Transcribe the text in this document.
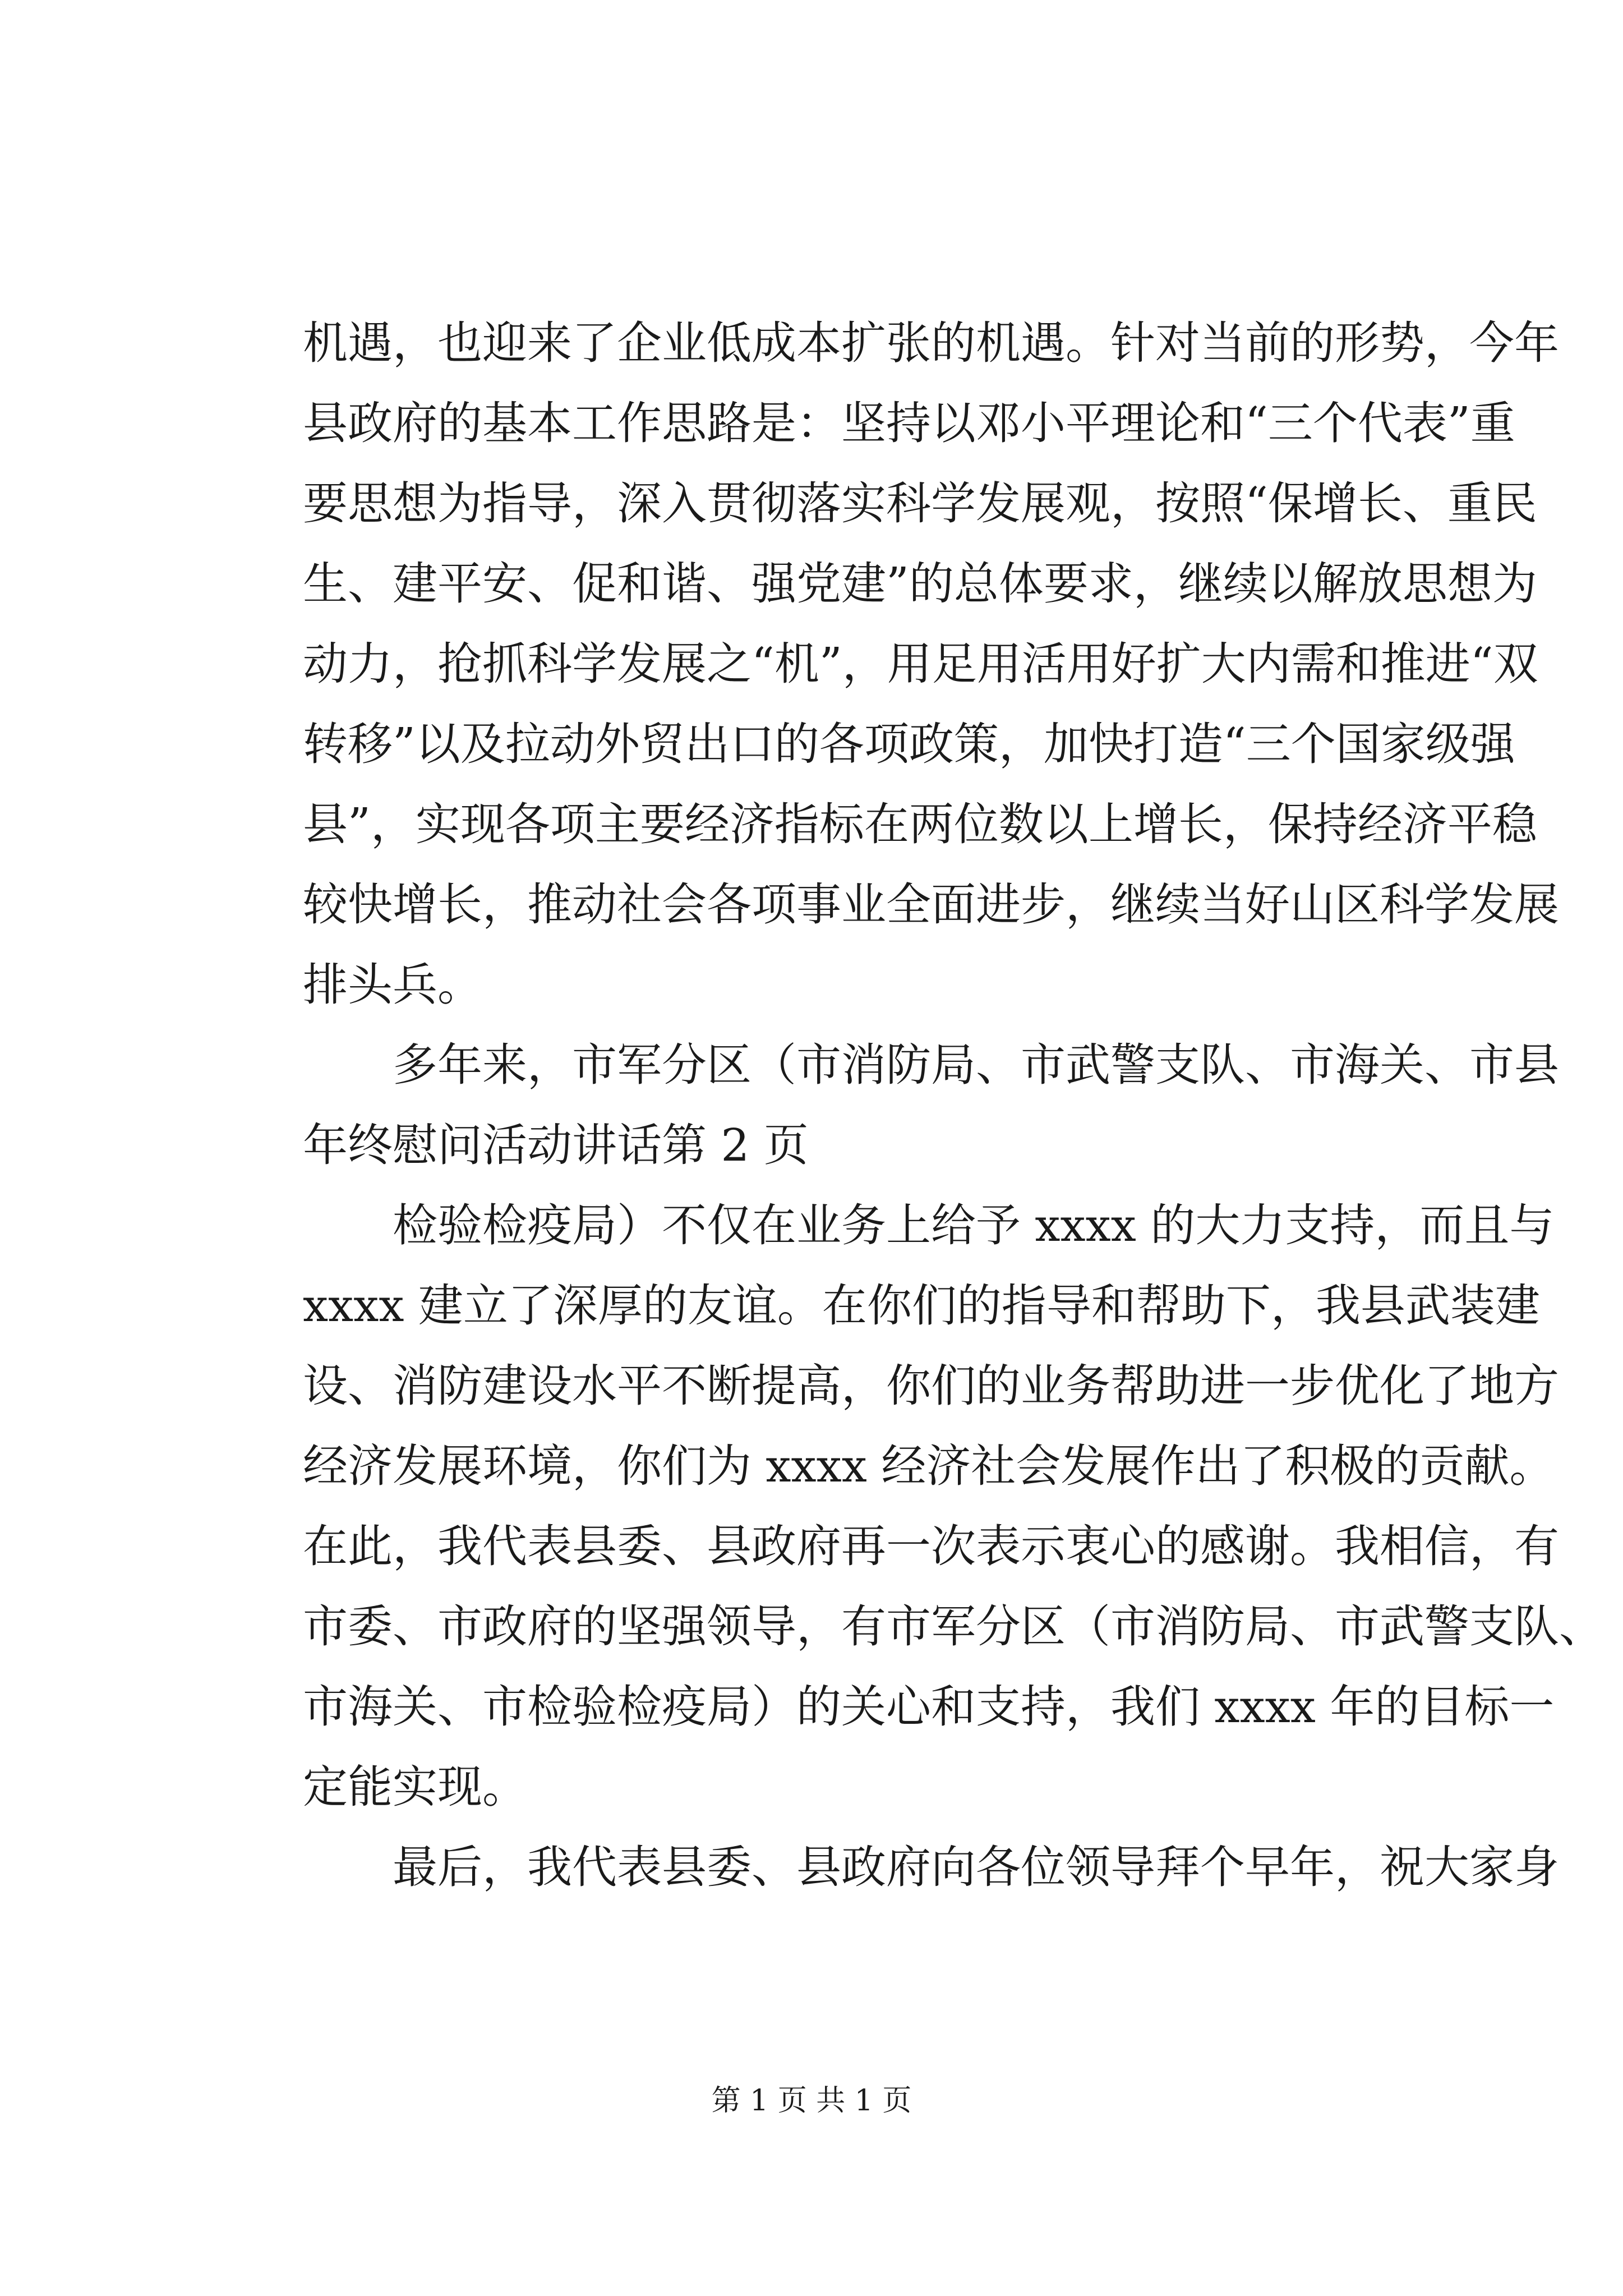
机遇，也迎来了企业低成本扩张的机遇。针对当前的形势，今年
县政府的基本工作思路是：坚持以邓小平理论和“三个代表”重
要思想为指导，深入贯彻落实科学发展观，按照“保增长、重民
生、建平安、促和谐、强党建”的总体要求，继续以解放思想为
动力，抢抓科学发展之“机”，用足用活用好扩大内需和推进“双
转移”以及拉动外贸出口的各项政策，加快打造“三个国家级强
县”，实现各项主要经济指标在两位数以上增长，保持经济平稳
较快增长，推动社会各项事业全面进步，继续当好山区科学发展
排头兵。
多年来，市军分区（市消防局、市武警支队、市海关、市县
年终慰问活动讲话第 2 页
检验检疫局）不仅在业务上给予 xxxx 的大力支持，而且与
xxxx 建立了深厚的友谊。在你们的指导和帮助下，我县武装建
设、消防建设水平不断提高，你们的业务帮助进一步优化了地方
经济发展环境，你们为 xxxx 经济社会发展作出了积极的贡献。
在此，我代表县委、县政府再一次表示衷心的感谢。我相信，有
市委、市政府的坚强领导，有市军分区（市消防局、市武警支队、
市海关、市检验检疫局）的关心和支持，我们 xxxx 年的目标一
定能实现。
最后，我代表县委、县政府向各位领导拜个早年，祝大家身
第 1 页 共 1 页
